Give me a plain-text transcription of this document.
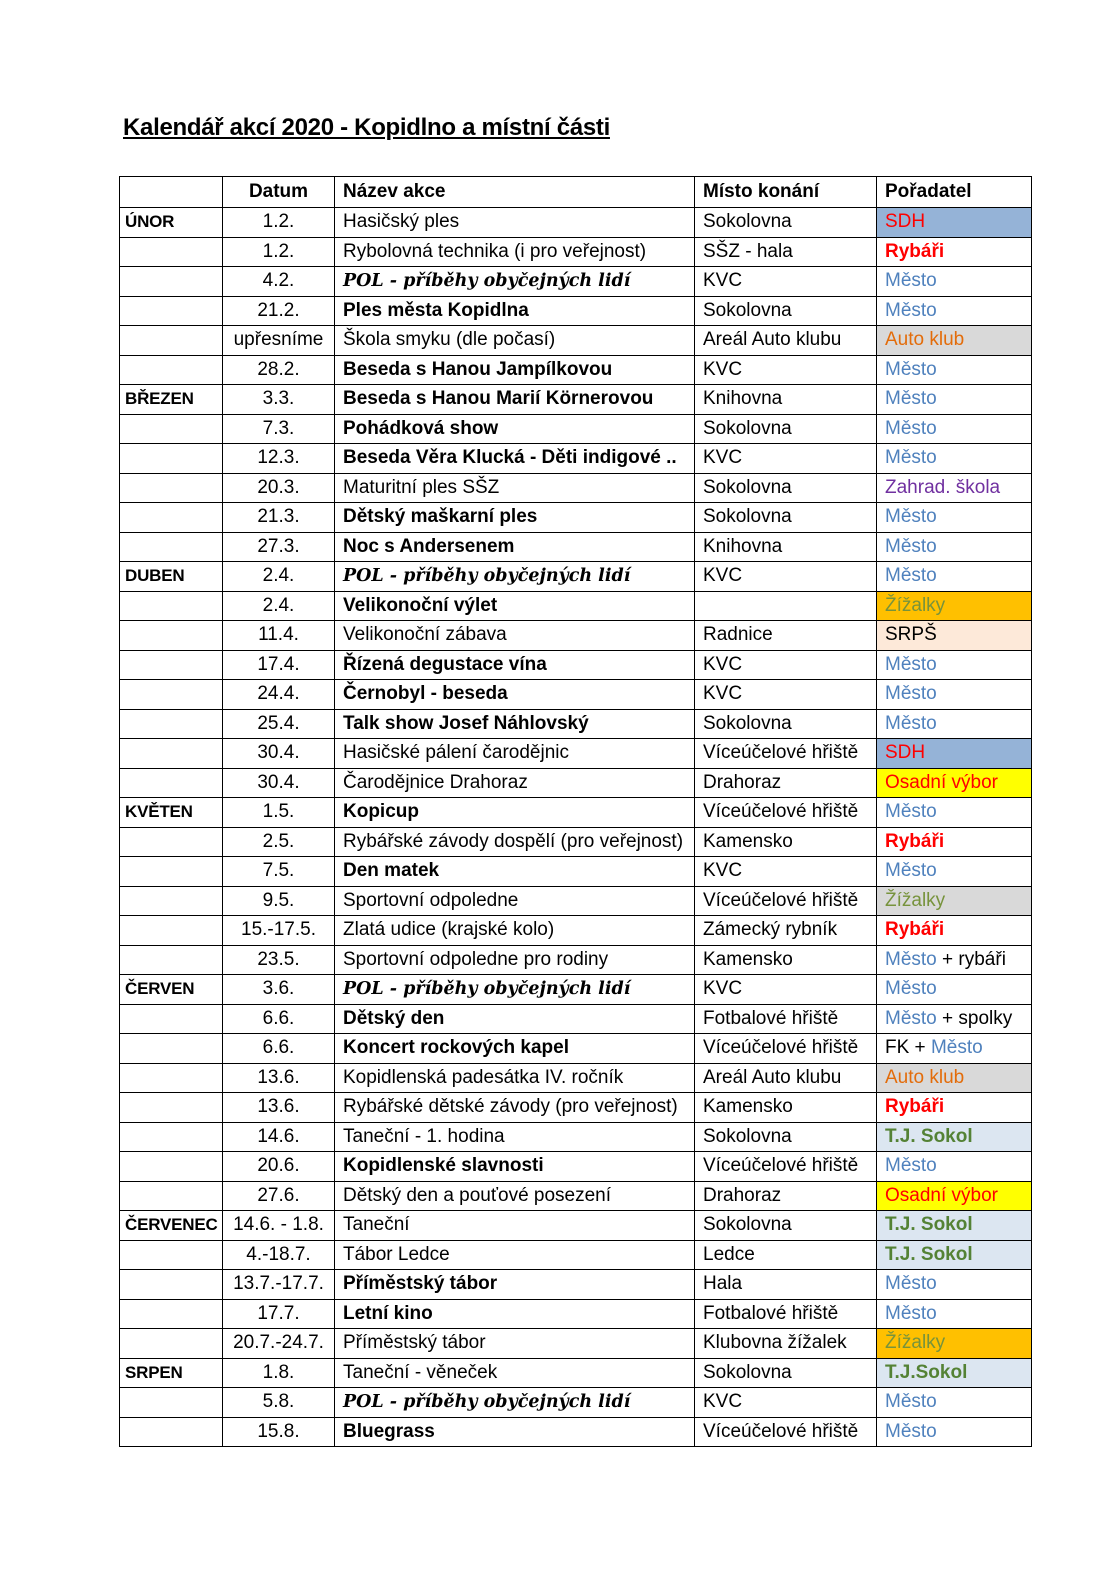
Kalendář akcí 2020 - Kopidlno a místní části
	Datum	Název akce	Místo konání	Pořadatel
ÚNOR	1.2.	Hasičský ples	Sokolovna	SDH
	1.2.	Rybolovná technika (i pro veřejnost)	SŠZ - hala	Rybáři
	4.2.	POL - příběhy obyčejných lidí	KVC	Město
	21.2.	Ples města Kopidlna	Sokolovna	Město
	upřesníme	Škola smyku (dle počasí)	Areál Auto klubu	Auto klub
	28.2.	Beseda s Hanou Jampílkovou	KVC	Město
BŘEZEN	3.3.	Beseda s Hanou Marií Körnerovou	Knihovna	Město
	7.3.	Pohádková show	Sokolovna	Město
	12.3.	Beseda Věra Klucká - Děti indigové ..	KVC	Město
	20.3.	Maturitní ples SŠZ	Sokolovna	Zahrad. škola
	21.3.	Dětský maškarní ples	Sokolovna	Město
	27.3.	Noc s Andersenem	Knihovna	Město
DUBEN	2.4.	POL - příběhy obyčejných lidí	KVC	Město
	2.4.	Velikonoční výlet		Žížalky
	11.4.	Velikonoční zábava	Radnice	SRPŠ
	17.4.	Řízená degustace vína	KVC	Město
	24.4.	Černobyl - beseda	KVC	Město
	25.4.	Talk show Josef Náhlovský	Sokolovna	Město
	30.4.	Hasičské pálení čarodějnic	Víceúčelové hřiště	SDH
	30.4.	Čarodějnice Drahoraz	Drahoraz	Osadní výbor
KVĚTEN	1.5.	Kopicup	Víceúčelové hřiště	Město
	2.5.	Rybářské závody dospělí (pro veřejnost)	Kamensko	Rybáři
	7.5.	Den matek	KVC	Město
	9.5.	Sportovní odpoledne	Víceúčelové hřiště	Žížalky
	15.-17.5.	Zlatá udice (krajské kolo)	Zámecký rybník	Rybáři
	23.5.	Sportovní odpoledne pro rodiny	Kamensko	Město + rybáři
ČERVEN	3.6.	POL - příběhy obyčejných lidí	KVC	Město
	6.6.	Dětský den	Fotbalové hřiště	Město + spolky
	6.6.	Koncert rockových kapel	Víceúčelové hřiště	FK + Město
	13.6.	Kopidlenská padesátka IV. ročník	Areál Auto klubu	Auto klub
	13.6.	Rybářské dětské závody (pro veřejnost)	Kamensko	Rybáři
	14.6.	Taneční - 1. hodina	Sokolovna	T.J. Sokol
	20.6.	Kopidlenské slavnosti	Víceúčelové hřiště	Město
	27.6.	Dětský den a pouťové posezení	Drahoraz	Osadní výbor
ČERVENEC	14.6. - 1.8.	Taneční	Sokolovna	T.J. Sokol
	4.-18.7.	Tábor Ledce	Ledce	T.J. Sokol
	13.7.-17.7.	Příměstský tábor	Hala	Město
	17.7.	Letní kino	Fotbalové hřiště	Město
	20.7.-24.7.	Příměstský tábor	Klubovna žížalek	Žížalky
SRPEN	1.8.	Taneční - věneček	Sokolovna	T.J.Sokol
	5.8.	POL - příběhy obyčejných lidí	KVC	Město
	15.8.	Bluegrass	Víceúčelové hřiště	Město
